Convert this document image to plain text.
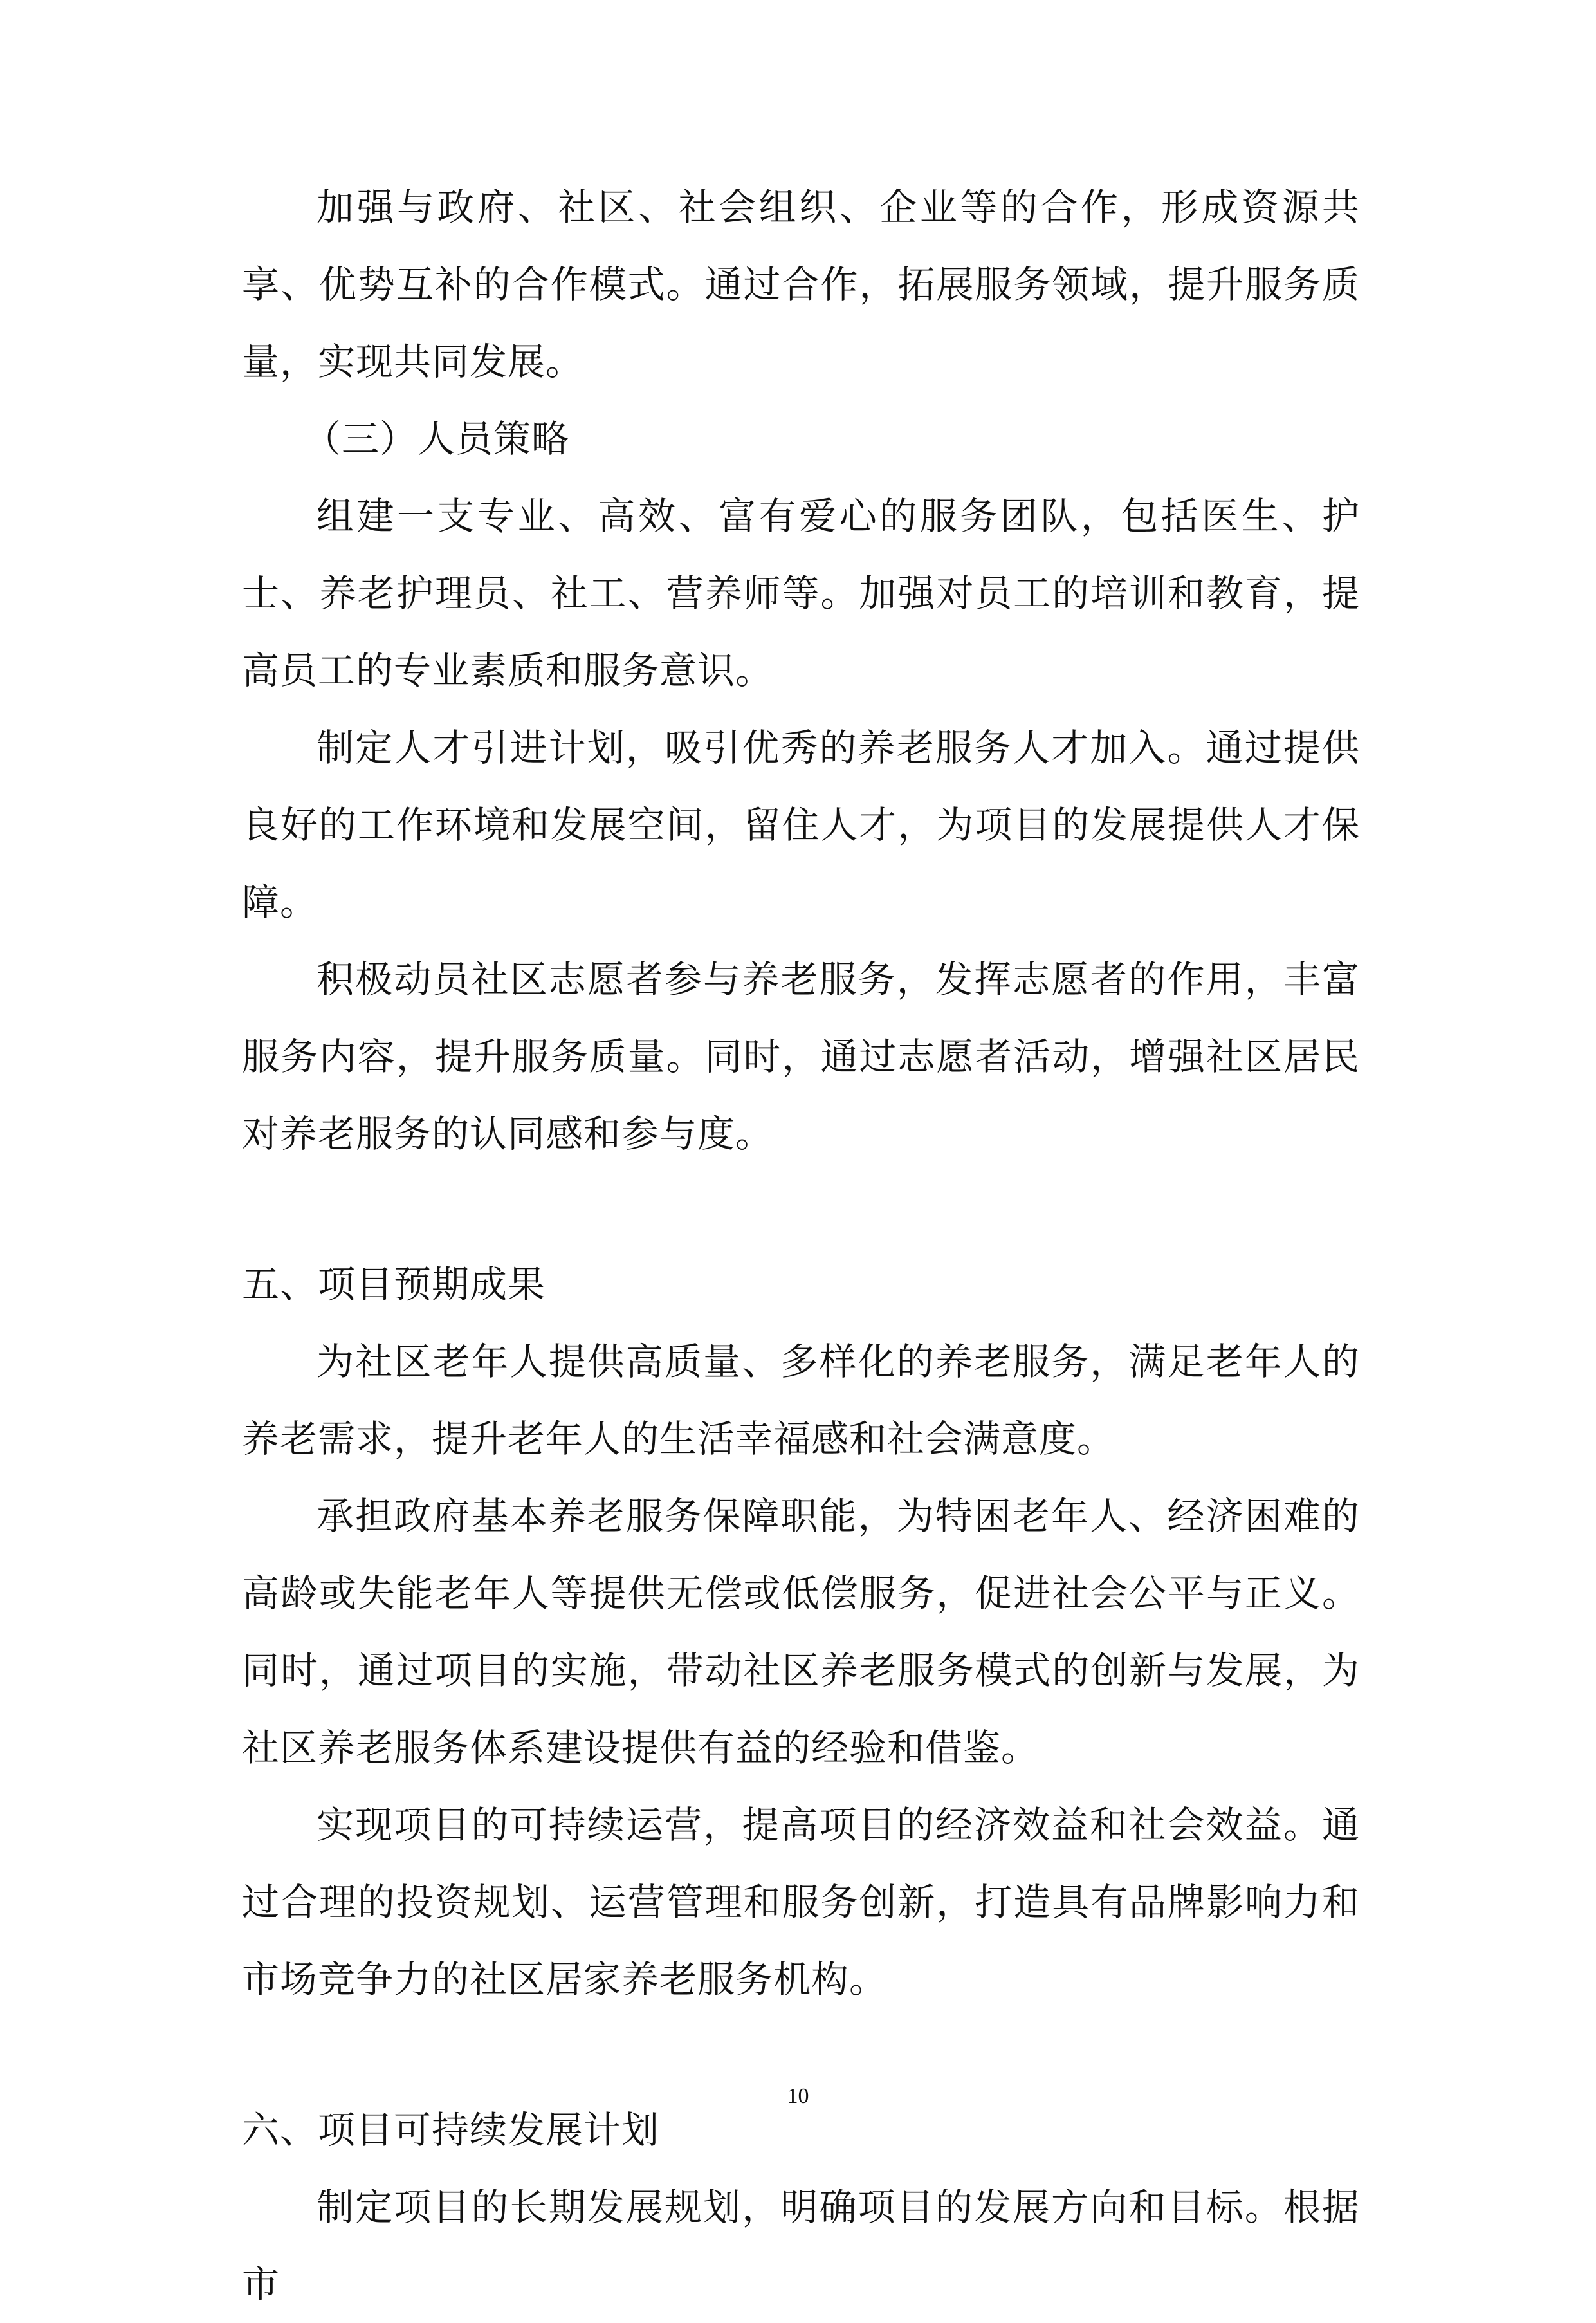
加强与政府、社区、社会组织、企业等的合作，形成资源共享、优势互补的合作模式。通过合作，拓展服务领域，提升服务质量，实现共同发展。

（三）人员策略

组建一支专业、高效、富有爱心的服务团队，包括医生、护士、养老护理员、社工、营养师等。加强对员工的培训和教育，提高员工的专业素质和服务意识。

制定人才引进计划，吸引优秀的养老服务人才加入。通过提供良好的工作环境和发展空间，留住人才，为项目的发展提供人才保障。

积极动员社区志愿者参与养老服务，发挥志愿者的作用，丰富服务内容，提升服务质量。同时，通过志愿者活动，增强社区居民对养老服务的认同感和参与度。

五、项目预期成果

为社区老年人提供高质量、多样化的养老服务，满足老年人的养老需求，提升老年人的生活幸福感和社会满意度。

承担政府基本养老服务保障职能，为特困老年人、经济困难的高龄或失能老年人等提供无偿或低偿服务，促进社会公平与正义。同时，通过项目的实施，带动社区养老服务模式的创新与发展，为社区养老服务体系建设提供有益的经验和借鉴。

实现项目的可持续运营，提高项目的经济效益和社会效益。通过合理的投资规划、运营管理和服务创新，打造具有品牌影响力和市场竞争力的社区居家养老服务机构。

六、项目可持续发展计划

制定项目的长期发展规划，明确项目的发展方向和目标。根据市

10
